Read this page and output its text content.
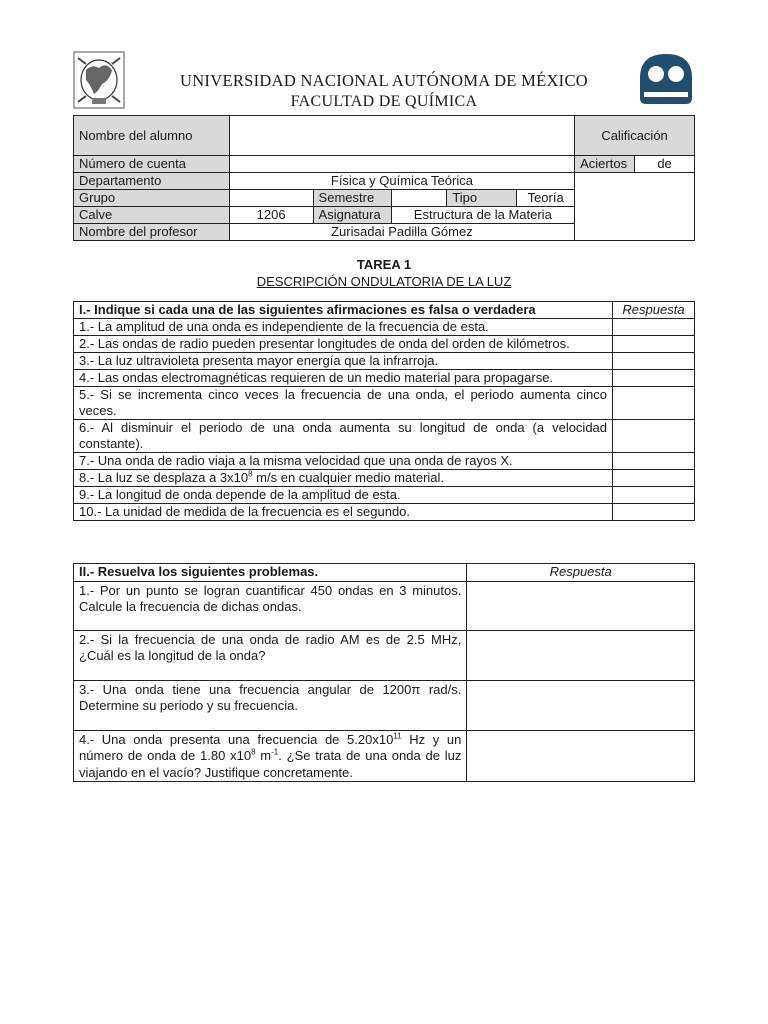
UNIVERSIDAD NACIONAL AUTÓNOMA DE MÉXICO
FACULTAD DE QUÍMICA
Nombre del alumno						Calificación	
Número de cuenta						Aciertos	de
Departamento	Física y Química Teórica						
Grupo		Semestre		Tipo	Teoría		
Calve	1206	Asignatura	Estructura de la Materia				
Nombre del profesor	Zurisadai Padilla Gómez						
TAREA 1
DESCRIPCIÓN ONDULATORIA DE LA LUZ
I.- Indique si cada una de las siguientes afirmaciones es falsa o verdadera	Respuesta
1.- La amplitud de una onda es independiente de la frecuencia de esta.	
2.- Las ondas de radio pueden presentar longitudes de onda del orden de kilómetros.	
3.- La luz ultravioleta presenta mayor energía que la infrarroja.	
4.- Las ondas electromagnéticas requieren de un medio material para propagarse.	
5.- Si se incrementa cinco veces la frecuencia de una onda, el periodo aumenta cinco veces.	
6.- Al disminuir el periodo de una onda aumenta su longitud de onda (a velocidad constante).	
7.- Una onda de radio viaja a la misma velocidad que una onda de rayos X.	
8.- La luz se desplaza a $3x10^8$ m/s en cualquier medio material.	
9.- La longitud de onda depende de la amplitud de esta.	
10.- La unidad de medida de la frecuencia es el segundo.	
II.- Resuelva los siguientes problemas.	Respuesta
1.- Por un punto se logran cuantificar 450 ondas en 3 minutos. Calcule la frecuencia de dichas ondas.	
2.- Si la frecuencia de una onda de radio AM es de 2.5 MHz, ¿Cuál es la longitud de la onda?	
3.- Una onda tiene una frecuencia angular de 1200π rad/s. Determine su periodo y su frecuencia.	
4.- Una onda presenta una frecuencia de $5.20x10^{11}$ Hz y un número de onda de 1.80 $x10^8$ $m^{-1}$. ¿Se trata de una onda de luz viajando en el vacío? Justifique concretamente.	
